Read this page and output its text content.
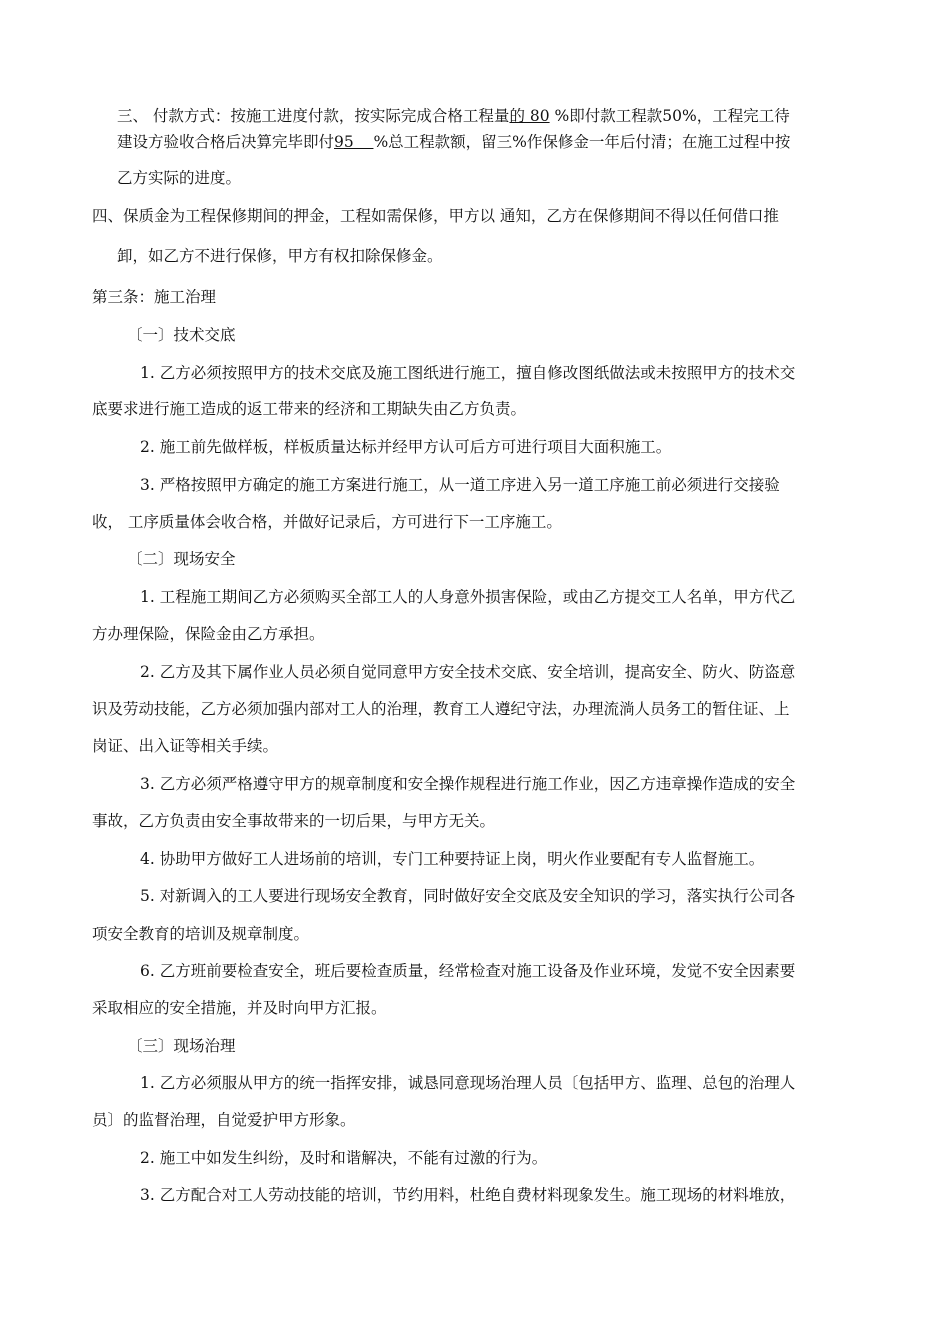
三、 付款方式：按施工进度付款，按实际完成合格工程量的 80 %即付款工程款50%，工程完工待
建设方验收合格后决算完毕即付95    %总工程款额，留三%作保修金一年后付清；在施工过程中按
乙方实际的进度。
四、保质金为工程保修期间的押金，工程如需保修，甲方以 通知，乙方在保修期间不得以任何借口推
卸，如乙方不进行保修，甲方有权扣除保修金。
第三条：施工治理
〔一〕技术交底
1. 乙方必须按照甲方的技术交底及施工图纸进行施工，擅自修改图纸做法或未按照甲方的技术交
底要求进行施工造成的返工带来的经济和工期缺失由乙方负责。
2. 施工前先做样板，样板质量达标并经甲方认可后方可进行项目大面积施工。
3. 严格按照甲方确定的施工方案进行施工，从一道工序进入另一道工序施工前必须进行交接验
收， 工序质量体会收合格，并做好记录后，方可进行下一工序施工。
〔二〕现场安全
1. 工程施工期间乙方必须购买全部工人的人身意外损害保险，或由乙方提交工人名单，甲方代乙
方办理保险，保险金由乙方承担。
2. 乙方及其下属作业人员必须自觉同意甲方安全技术交底、安全培训，提高安全、防火、防盗意
识及劳动技能，乙方必须加强内部对工人的治理，教育工人遵纪守法，办理流淌人员务工的暂住证、上
岗证、出入证等相关手续。
3. 乙方必须严格遵守甲方的规章制度和安全操作规程进行施工作业，因乙方违章操作造成的安全
事故，乙方负责由安全事故带来的一切后果，与甲方无关。
4. 协助甲方做好工人进场前的培训，专门工种要持证上岗，明火作业要配有专人监督施工。
5. 对新调入的工人要进行现场安全教育，同时做好安全交底及安全知识的学习，落实执行公司各
项安全教育的培训及规章制度。
6. 乙方班前要检查安全，班后要检查质量，经常检查对施工设备及作业环境，发觉不安全因素要
采取相应的安全措施，并及时向甲方汇报。
〔三〕现场治理
1. 乙方必须服从甲方的统一指挥安排，诚恳同意现场治理人员〔包括甲方、监理、总包的治理人
员〕的监督治理，自觉爱护甲方形象。
2. 施工中如发生纠纷，及时和谐解决，不能有过激的行为。
3. 乙方配合对工人劳动技能的培训，节约用料，杜绝自费材料现象发生。施工现场的材料堆放，
